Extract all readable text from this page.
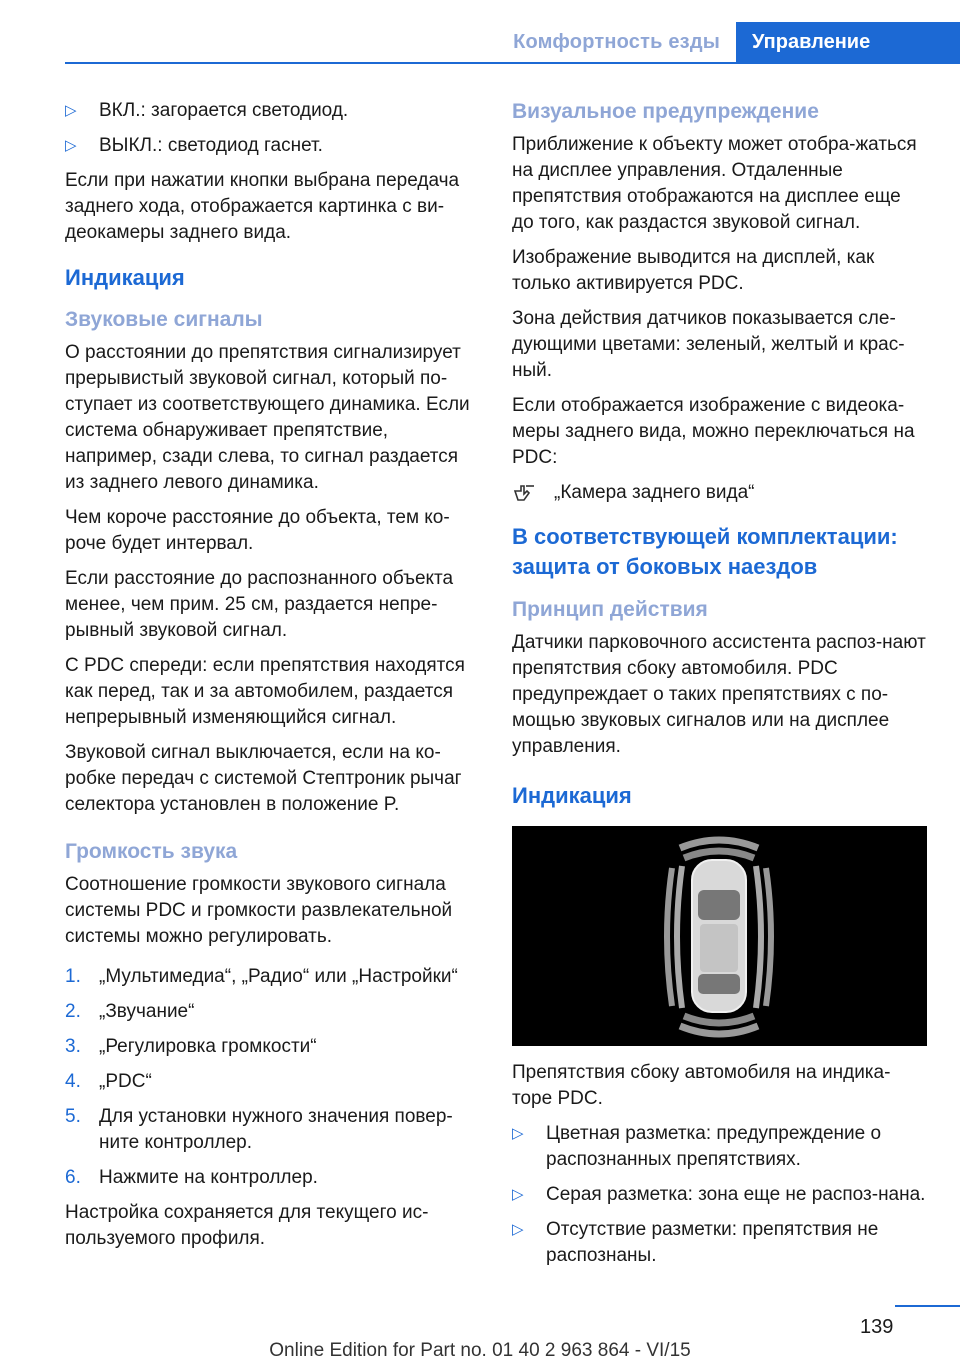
Комфортность езды	Управление
▷	ВКЛ.: загорается светодиод.
▷	ВЫКЛ.: светодиод гаснет.

Если при нажатии кнопки выбрана передача заднего хода, отображается картинка с ви‐деокамеры заднего вида.

Индикация
Звуковые сигналы

О расстоянии до препятствия сигнализирует прерывистый звуковой сигнал, который по‐ступает из соответствующего динамика. Если система обнаруживает препятствие, например, сзади слева, то сигнал раздается из заднего левого динамика.

Чем короче расстояние до объекта, тем ко‐роче будет интервал.

Если расстояние до распознанного объекта менее, чем прим. 25 см, раздается непре‐рывный звуковой сигнал.

С PDC спереди: если препятствия находятся как перед, так и за автомобилем, раздается непрерывный изменяющийся сигнал.

Звуковой сигнал выключается, если на ко‐робке передач с системой Стептроник рычаг селектора установлен в положение P.

Громкость звука

Соотношение громкости звукового сигнала системы PDC и громкости развлекательной системы можно регулировать.

1. „Мультимедиа“, „Радио“ или „Настройки“
2. „Звучание“
3. „Регулировка громкости“
4. „PDC“
5. Для установки нужного значения повер‐ните контроллер.
6. Нажмите на контроллер.

Настройка сохраняется для текущего ис‐пользуемого профиля.

Визуальное предупреждение

Приближение к объекту может отобра‐жаться на дисплее управления. Отдаленные препятствия отображаются на дисплее еще до того, как раздастся звуковой сигнал.

Изображение выводится на дисплей, как только активируется PDC.

Зона действия датчиков показывается сле‐дующими цветами: зеленый, желтый и крас‐ный.

Если отображается изображение с видеока‐меры заднего вида, можно переключаться на PDC:

„Камера заднего вида“
В соответствующей комплектации: защита от боковых наездов
Принцип действия

Датчики парковочного ассистента распоз‐нают препятствия сбоку автомобиля. PDC предупреждает о таких препятствиях с по‐мощью звуковых сигналов или на дисплее управления.

Индикация

Препятствия сбоку автомобиля на индика‐торе PDC.

▷	Цветная разметка: предупреждение о распознанных препятствиях.
▷	Серая разметка: зона еще не распоз‐нана.
▷	Отсутствие разметки: препятствия не распознаны.
139
Online Edition for Part no. 01 40 2 963 864 - VI/15
